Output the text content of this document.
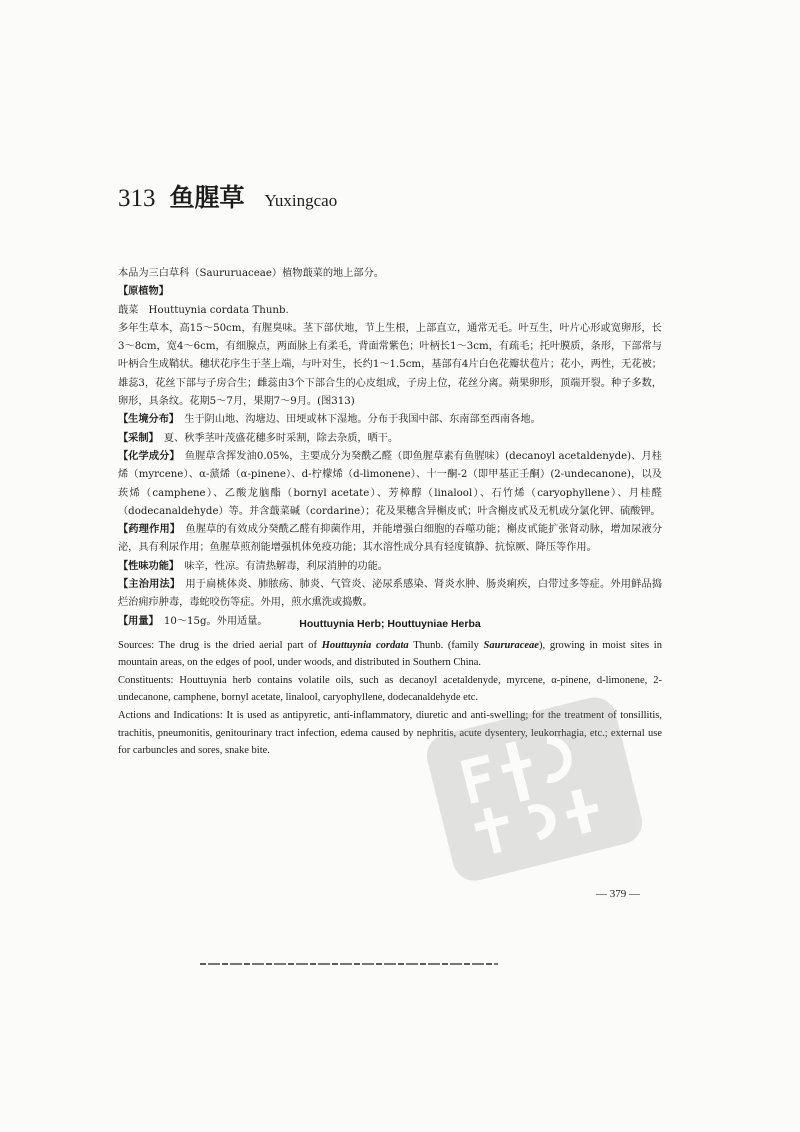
313 鱼腥草 Yuxingcao

本品为三白草科（Saururuaceae）植物蕺菜的地上部分。

【原植物】

蕺菜　Houttuynia cordata Thunb.

多年生草本，高15～50cm，有腥臭味。茎下部伏地，节上生根，上部直立，通常无毛。叶互生，叶片心形或宽卵形，长3～8cm，宽4～6cm，有细腺点，两面脉上有柔毛，背面常紫色；叶柄长1～3cm，有疏毛；托叶膜质，条形，下部常与叶柄合生成鞘状。穗状花序生于茎上端，与叶对生，长约1～1.5cm，基部有4片白色花瓣状苞片；花小，两性，无花被；雄蕊3，花丝下部与子房合生；雌蕊由3个下部合生的心皮组成，子房上位，花丝分离。蒴果卵形，顶端开裂。种子多数，卵形，具条纹。花期5～7月，果期7～9月。(图313)

【生境分布】　生于阴山地、沟塘边、田埂或林下湿地。分布于我国中部、东南部至西南各地。

【采制】　夏、秋季茎叶茂盛花穗多时采割，除去杂质，晒干。

【化学成分】　鱼腥草含挥发油0.05%，主要成分为癸酰乙醛（即鱼腥草素有鱼腥味）(decanoyl acetaldenyde)、月桂烯（myrcene）、α-蒎烯（α-pinene）、d-柠檬烯（d-limonene）、十一酮-2（即甲基正壬酮）(2-undecanone)，以及莰烯（camphene）、乙酸龙脑酯（bornyl acetate）、芳樟醇（linalool）、石竹烯（caryophyllene）、月桂醛（dodecanaldehyde）等。并含蕺菜碱（cordarine）；花及果穗含异槲皮甙；叶含槲皮甙及无机成分氯化钾、硫酸钾。

【药理作用】　鱼腥草的有效成分癸酰乙醛有抑菌作用，并能增强白细胞的吞噬功能；槲皮甙能扩张肾动脉，增加尿液分泌，具有利尿作用；鱼腥草煎剂能增强机体免疫功能；其水溶性成分具有轻度镇静、抗惊厥、降压等作用。

【性味功能】　味辛，性凉。有清热解毒，利尿消肿的功能。

【主治用法】　用于扁桃体炎、肺脓疡、肺炎、气管炎、泌尿系感染、肾炎水肿、肠炎痢疾，白带过多等症。外用鲜品捣烂治痈疖肿毒，毒蛇咬伤等症。外用，煎水熏洗或捣敷。

【用量】　10～15g。外用适量。	Houttuynia Herb; Houttuyniae Herba

Sources: The drug is the dried aerial part of Houttuynia cordata Thunb. (family Saururaceae), growing in moist sites in mountain areas, on the edges of pool, under woods, and distributed in Southern China.

Constituents: Houttuynia herb contains volatile oils, such as decanoyl acetaldenyde, myrcene, α-pinene, d-limonene, 2-undecanone, camphene, bornyl acetate, linalool, caryophyllene, dodecanaldehyde etc.

Actions and Indications: It is used as antipyretic, anti-inflammatory, diuretic and anti-swelling; for the treatment of tonsillitis, trachitis, pneumonitis, genitourinary tract infection, edema caused by nephritis, acute dysentery, leukorrhagia, etc.; external use for carbuncles and sores, snake bite.

— 379 —
